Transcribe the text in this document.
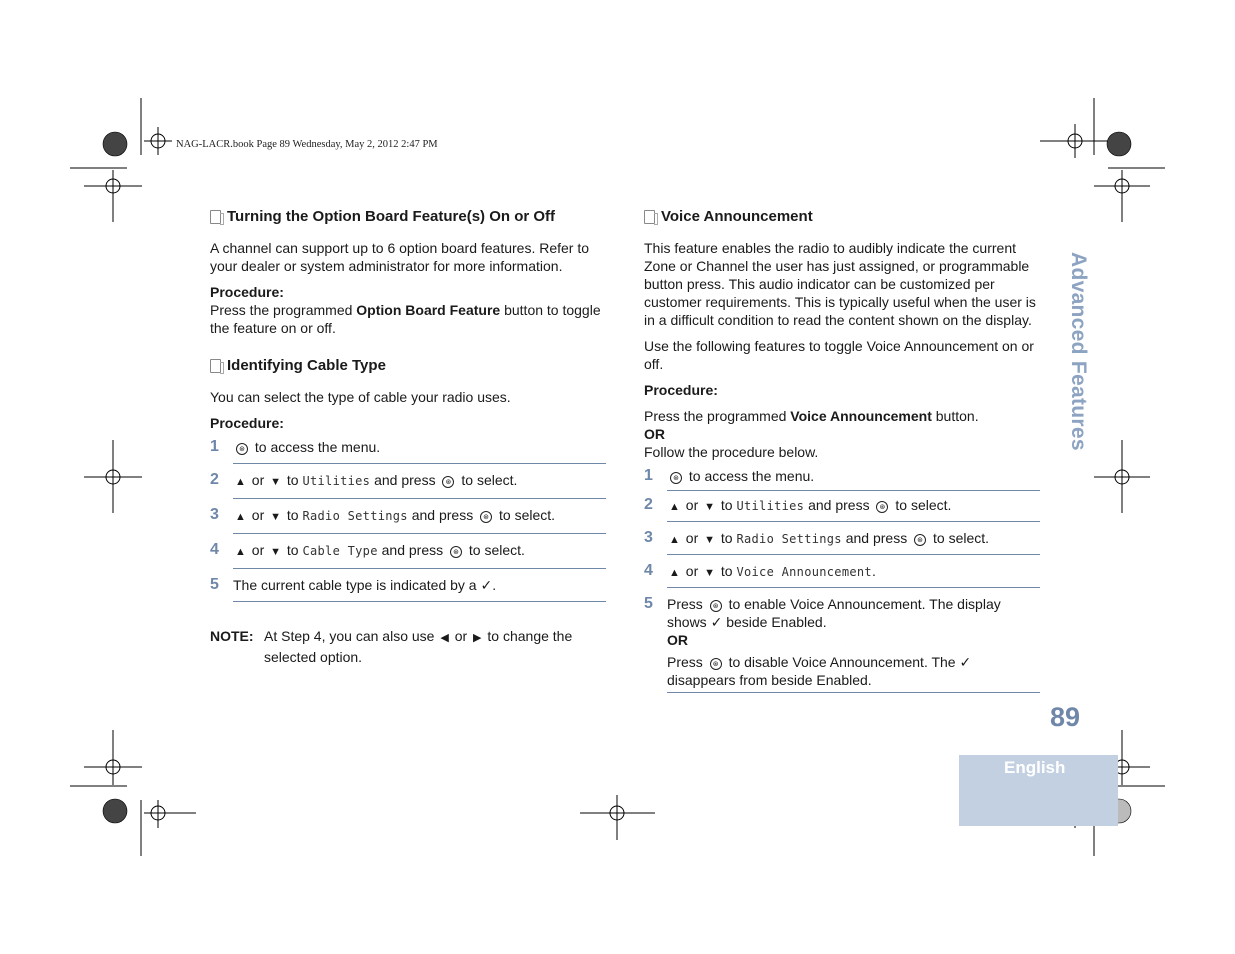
NAG-LACR.book Page 89 Wednesday, May 2, 2012 2:47 PM
Turning the Option Board Feature(s) On or Off

A channel can support up to 6 option board features. Refer to your dealer or system administrator for more information.

Procedure:

Press the programmed Option Board Feature button to toggle the feature on or off.

Identifying Cable Type

You can select the type of cable your radio uses.

Procedure:
1	⊛ to access the menu.
2	▲ or ▼ to Utilities and press ⊛ to select.
3	▲ or ▼ to Radio Settings and press ⊛ to select.
4	▲ or ▼ to Cable Type and press ⊛ to select.
5	The current cable type is indicated by a ✓.
NOTE: At Step 4, you can also use ◀ or ▶ to change the selected option.
Voice Announcement

This feature enables the radio to audibly indicate the current Zone or Channel the user has just assigned, or programmable button press. This audio indicator can be customized per customer requirements. This is typically useful when the user is in a difficult condition to read the content shown on the display.

Use the following features to toggle Voice Announcement on or off.

Procedure:

Press the programmed Voice Announcement button.

OR

Follow the procedure below.

1	⊛ to access the menu.
2	▲ or ▼ to Utilities and press ⊛ to select.
3	▲ or ▼ to Radio Settings and press ⊛ to select.
4	▲ or ▼ to Voice Announcement.
5	Press ⊛ to enable Voice Announcement. The display shows ✓ beside Enabled.
OR
Press ⊛ to disable Voice Announcement. The ✓ disappears from beside Enabled.
Advanced Features
89
English
